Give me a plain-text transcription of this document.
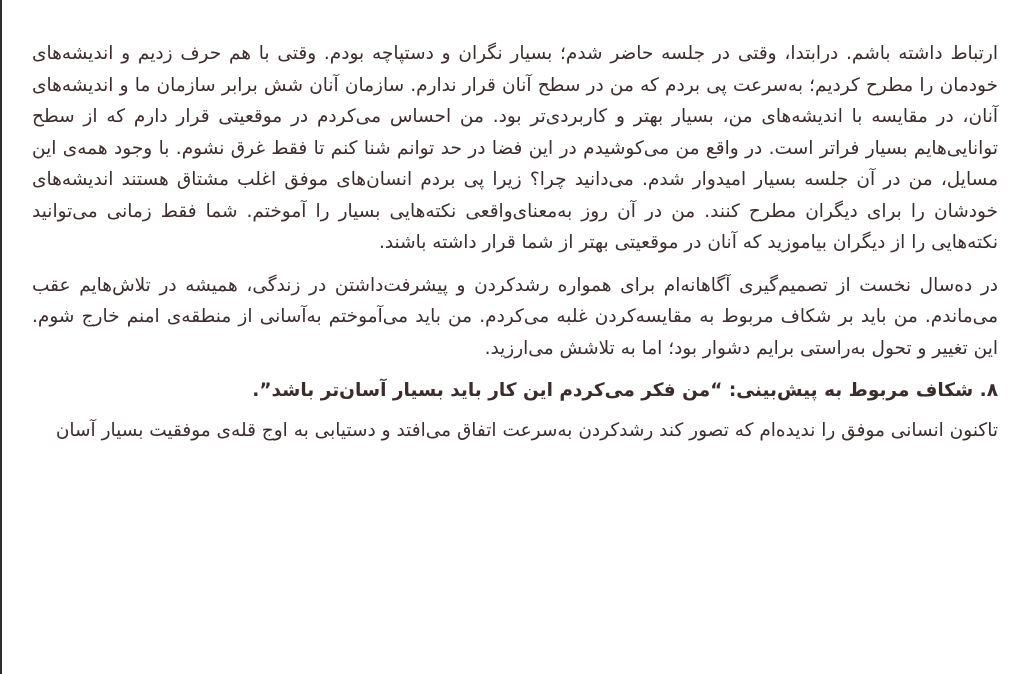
ارتباط داشته باشم. درابتدا، وقتی در جلسه حاضر شدم؛ بسیار نگران و دستپاچه بودم. وقتی با هم حرف زدیم و اندیشه‌های خودمان را مطرح کردیم؛ به‌سرعت پی بردم که من در سطح آنان قرار ندارم. سازمان آنان شش برابر سازمان ما و اندیشه‌های آنان، در مقایسه با اندیشه‌های من، بسیار بهتر و کاربردی‌تر بود. من احساس می‌کردم در موقعیتی قرار دارم که از سطح توانایی‌هایم بسیار فراتر است. در واقع من می‌کوشیدم در این فضا در حد توانم شنا کنم تا فقط غرق نشوم. با وجود همه‌ی این مسایل، من در آن جلسه بسیار امیدوار شدم. می‌دانید چرا؟ زیرا پی بردم انسان‌های موفق اغلب مشتاق هستند اندیشه‌های خودشان را برای دیگران مطرح کنند. من در آن روز به‌معنای‌واقعی نکته‌هایی بسیار را آموختم. شما فقط زمانی می‌توانید نکته‌هایی را از دیگران بیاموزید که آنان در موقعیتی بهتر از شما قرار داشته باشند.

در ده‌سال نخست از تصمیم‌گیری آگاهانه‌ام برای همواره رشدکردن و پیشرفت‌داشتن در زندگی، همیشه در تلاش‌هایم عقب می‌ماندم. من باید بر شکاف مربوط به مقایسه‌کردن غلبه می‌کردم. من باید می‌آموختم به‌آسانی از منطقه‌ی امنم خارج شوم. این تغییر و تحول به‌راستی برایم دشوار بود؛ اما به تلاشش می‌ارزید.

۸. شکاف مربوط به پیش‌بینی: “من فکر می‌کردم این کار باید بسیار آسان‌تر باشد”.

تاکنون انسانی موفق را ندیده‌ام که تصور کند رشدکردن به‌سرعت اتفاق می‌افتد و دستیابی به اوج قله‌ی موفقیت بسیار آسان
